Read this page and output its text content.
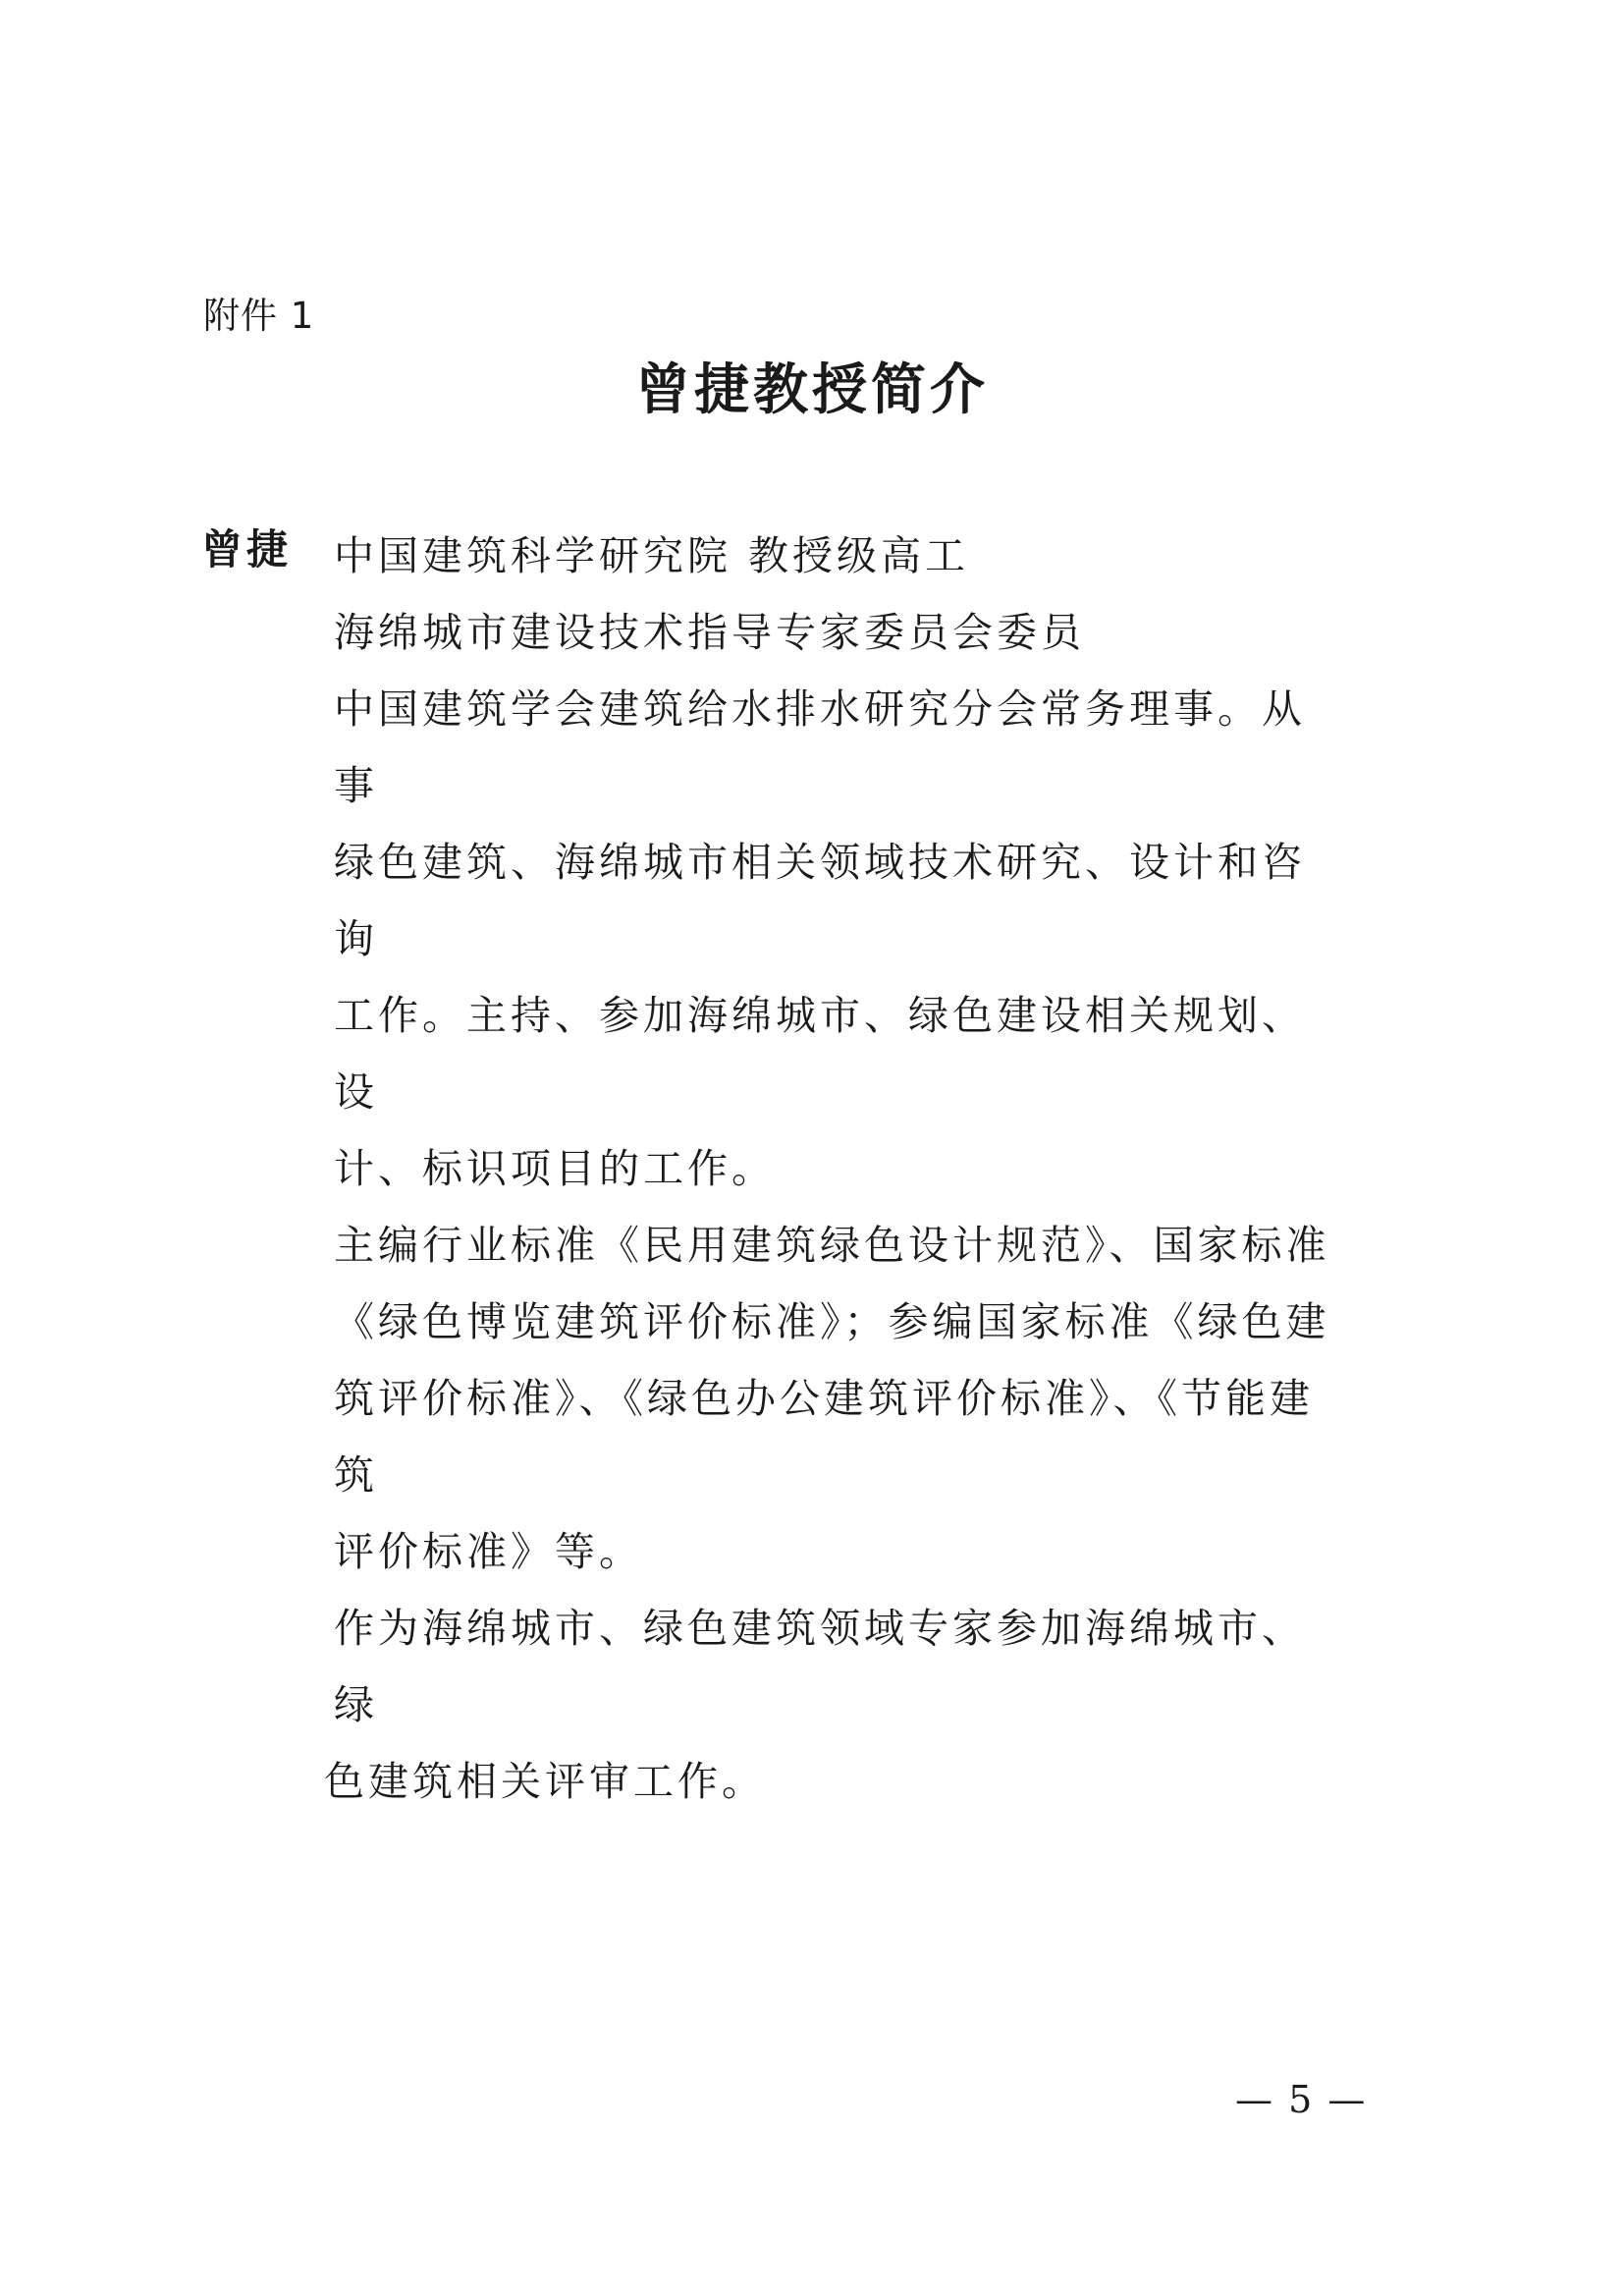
附件 1
曾捷教授简介
曾捷 中国建筑科学研究院 教授级高工

海绵城市建设技术指导专家委员会委员

中国建筑学会建筑给水排水研究分会常务理事。从事

绿色建筑、海绵城市相关领域技术研究、设计和咨询

工作。主持、参加海绵城市、绿色建设相关规划、设

计、标识项目的工作。

主编行业标准《民用建筑绿色设计规范》、国家标准

《绿色博览建筑评价标准》；参编国家标准《绿色建

筑评价标准》、《绿色办公建筑评价标准》、《节能建筑

评价标准》等。

作为海绵城市、绿色建筑领域专家参加海绵城市、绿

色建筑相关评审工作。

— 5 —
